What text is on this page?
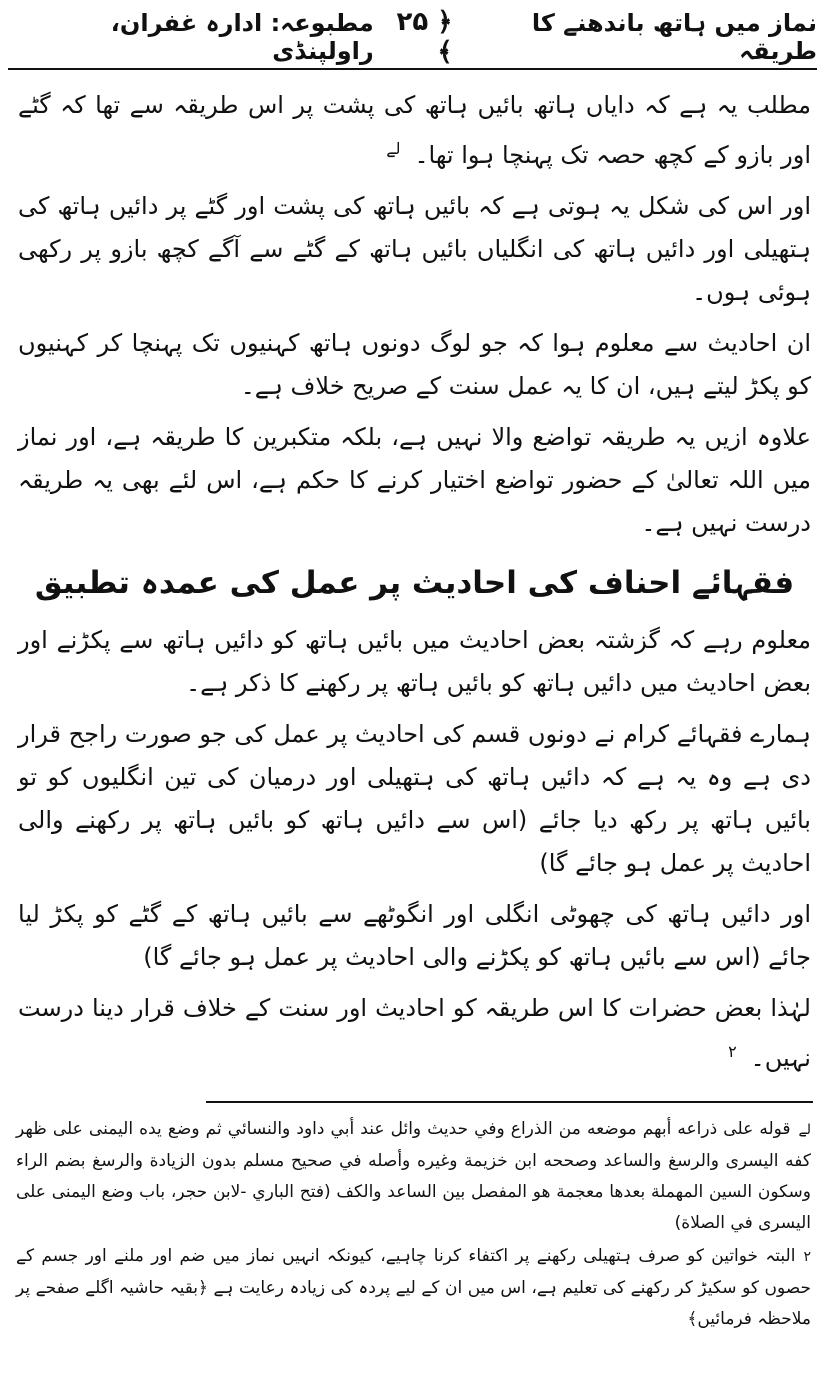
نماز میں ہاتھ باندھنے کا طریقہ
﴿ ۲۵ ﴾
مطبوعہ: ادارہ غفران، راولپنڈی

مطلب یہ ہے کہ دایاں ہاتھ بائیں ہاتھ کی پشت پر اس طریقہ سے تھا کہ گٹے اور بازو کے کچھ حصہ تک پہنچا ہوا تھا۔$^{لے}$

اور اس کی شکل یہ ہوتی ہے کہ بائیں ہاتھ کی پشت اور گٹے پر دائیں ہاتھ کی ہتھیلی اور دائیں ہاتھ کی انگلیاں بائیں ہاتھ کے گٹے سے آگے کچھ بازو پر رکھی ہوئی ہوں۔

ان احادیث سے معلوم ہوا کہ جو لوگ دونوں ہاتھ کہنیوں تک پہنچا کر کہنیوں کو پکڑ لیتے ہیں، ان کا یہ عمل سنت کے صریح خلاف ہے۔

علاوہ ازیں یہ طریقہ تواضع والا نہیں ہے، بلکہ متکبرین کا طریقہ ہے، اور نماز میں اللہ تعالیٰ کے حضور تواضع اختیار کرنے کا حکم ہے، اس لئے بھی یہ طریقہ درست نہیں ہے۔

فقہائے احناف کی احادیث پر عمل کی عمدہ تطبیق

معلوم رہے کہ گزشتہ بعض احادیث میں بائیں ہاتھ کو دائیں ہاتھ سے پکڑنے اور بعض احادیث میں دائیں ہاتھ کو بائیں ہاتھ پر رکھنے کا ذکر ہے۔

ہمارے فقہائے کرام نے دونوں قسم کی احادیث پر عمل کی جو صورت راجح قرار دی ہے وہ یہ ہے کہ دائیں ہاتھ کی ہتھیلی اور درمیان کی تین انگلیوں کو تو بائیں ہاتھ پر رکھ دیا جائے (اس سے دائیں ہاتھ کو بائیں ہاتھ پر رکھنے والی احادیث پر عمل ہو جائے گا)

اور دائیں ہاتھ کی چھوٹی انگلی اور انگوٹھے سے بائیں ہاتھ کے گٹے کو پکڑ لیا جائے (اس سے بائیں ہاتھ کو پکڑنے والی احادیث پر عمل ہو جائے گا)

لہٰذا بعض حضرات کا اس طریقہ کو احادیث اور سنت کے خلاف قرار دینا درست نہیں۔$^۲$

لےقوله على ذراعه أبهم موضعه من الذراع وفي حديث وائل عند أبي داود والنسائي ثم وضع يده اليمنى على ظهر كفه اليسرى والرسغ والساعد وصححه ابن خزيمة وغيره وأصله في صحيح مسلم بدون الزيادة والرسغ بضم الراء وسكون السين المهملة بعدها معجمة هو المفصل بين الساعد والكف (فتح الباري -لابن حجر، باب وضع اليمنى على اليسرى في الصلاة)

۲البتہ خواتین کو صرف ہتھیلی رکھنے پر اکتفاء کرنا چاہیے، کیونکہ انہیں نماز میں ضم اور ملنے اور جسم کے حصوں کو سکیڑ کر رکھنے کی تعلیم ہے، اس میں ان کے لیے پردہ کی زیادہ رعایت ہے ﴿بقیہ حاشیہ اگلے صفحے پر ملاحظہ فرمائیں﴾
